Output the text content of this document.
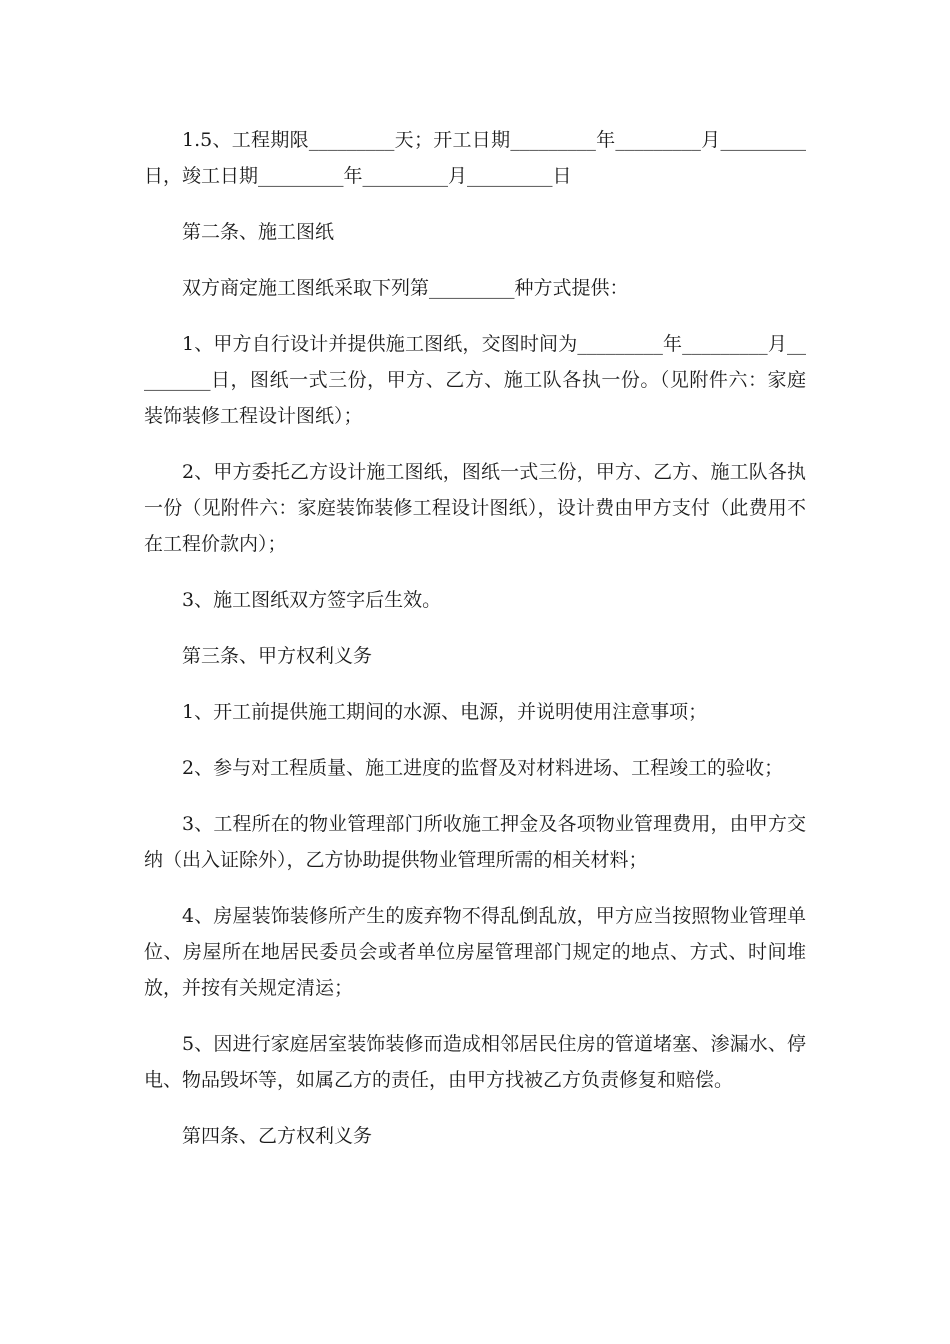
1.5、工程期限_________天；开工日期_________年_________月_________日，竣工日期_________年_________月_________日

第二条、施工图纸

双方商定施工图纸采取下列第_________种方式提供：

1、甲方自行设计并提供施工图纸，交图时间为_________年_________月_________日，图纸一式三份，甲方、乙方、施工队各执一份。（见附件六：家庭装饰装修工程设计图纸）；

2、甲方委托乙方设计施工图纸，图纸一式三份，甲方、乙方、施工队各执一份（见附件六：家庭装饰装修工程设计图纸），设计费由甲方支付（此费用不在工程价款内）；

3、施工图纸双方签字后生效。

第三条、甲方权利义务

1、开工前提供施工期间的水源、电源，并说明使用注意事项；

2、参与对工程质量、施工进度的监督及对材料进场、工程竣工的验收；

3、工程所在的物业管理部门所收施工押金及各项物业管理费用，由甲方交纳（出入证除外），乙方协助提供物业管理所需的相关材料；

4、房屋装饰装修所产生的废弃物不得乱倒乱放，甲方应当按照物业管理单位、房屋所在地居民委员会或者单位房屋管理部门规定的地点、方式、时间堆放，并按有关规定清运；

5、因进行家庭居室装饰装修而造成相邻居民住房的管道堵塞、渗漏水、停电、物品毁坏等，如属乙方的责任，由甲方找被乙方负责修复和赔偿。

第四条、乙方权利义务
